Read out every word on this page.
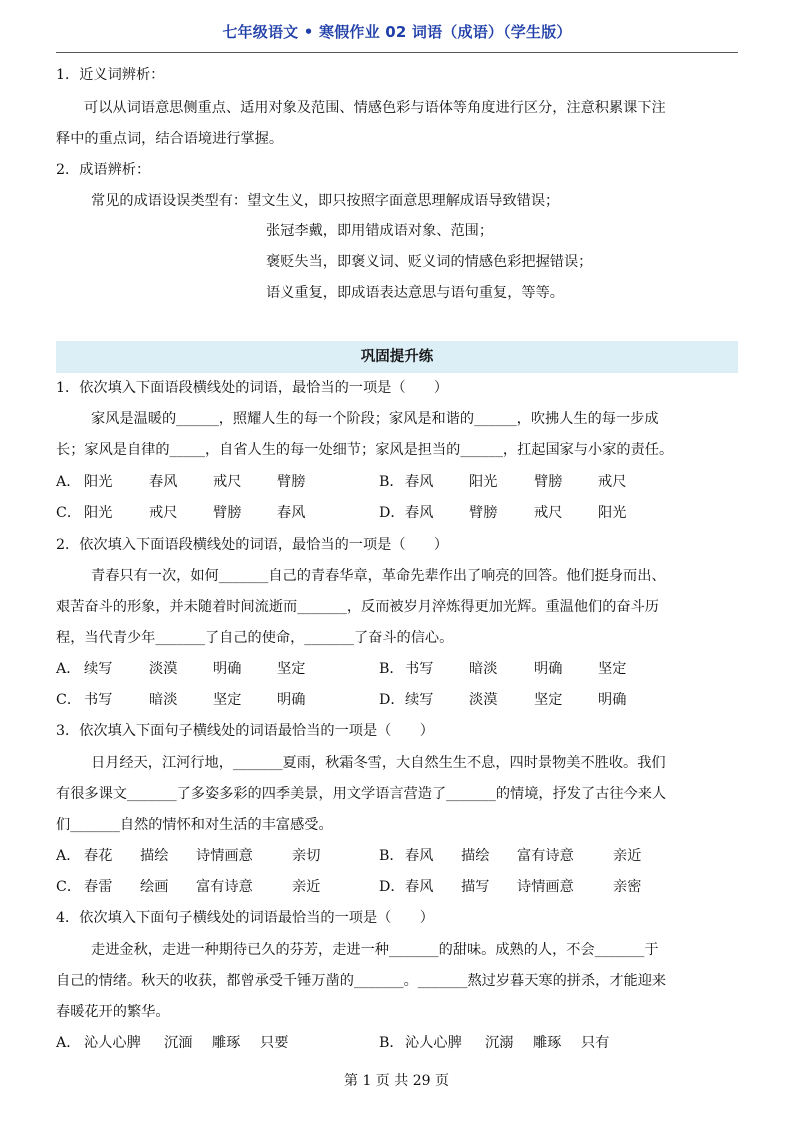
七年级语文 • 寒假作业 02 词语（成语）（学生版）
1．近义词辨析：
可以从词语意思侧重点、适用对象及范围、情感色彩与语体等角度进行区分，注意积累课下注
释中的重点词，结合语境进行掌握。
2．成语辨析：
常见的成语设误类型有：望文生义，即只按照字面意思理解成语导致错误；
张冠李戴，即用错成语对象、范围；
褒贬失当，即褒义词、贬义词的情感色彩把握错误；
语义重复，即成语表达意思与语句重复，等等。
巩固提升练
1．依次填入下面语段横线处的词语，最恰当的一项是（　　）
家风是温暖的______，照耀人生的每一个阶段；家风是和谐的______，吹拂人生的每一步成
长；家风是自律的_____，自省人生的每一处细节；家风是担当的______，扛起国家与小家的责任。
A． 阳光	春风	戒尺	臂膀	B． 春风	阳光	臂膀	戒尺
C． 阳光	戒尺	臂膀	春风	D． 春风	臂膀	戒尺	阳光
2．依次填入下面语段横线处的词语，最恰当的一项是（　　）
青春只有一次，如何_______自己的青春华章，革命先辈作出了响亮的回答。他们挺身而出、
艰苦奋斗的形象，并未随着时间流逝而_______，反而被岁月淬炼得更加光辉。重温他们的奋斗历
程，当代青少年_______了自己的使命，_______了奋斗的信心。
A． 续写	淡漠	明确	坚定	B． 书写	暗淡	明确	坚定
C． 书写	暗淡	坚定	明确	D． 续写	淡漠	坚定	明确
3．依次填入下面句子横线处的词语最恰当的一项是（　　）
日月经天，江河行地，_______夏雨，秋霜冬雪，大自然生生不息，四时景物美不胜收。我们
有很多课文_______了多姿多彩的四季美景，用文学语言营造了_______的情境，抒发了古往今来人
们_______自然的情怀和对生活的丰富感受。
A． 春花 描绘 诗情画意	亲切	B． 春风 描绘 富有诗意	亲近
C． 春雷 绘画 富有诗意	亲近	D． 春风 描写 诗情画意	亲密
4．依次填入下面句子横线处的词语最恰当的一项是（　　）
走进金秋，走进一种期待已久的芬芳，走进一种_______的甜味。成熟的人，不会_______于
自己的情绪。秋天的收获，都曾承受千锤万凿的_______。_______熬过岁暮天寒的拼杀，才能迎来
春暖花开的繁华。
A． 沁人心脾 沉湎 雕琢 只要	B． 沁人心脾 沉溺 雕琢 只有
第 1 页 共 29 页
